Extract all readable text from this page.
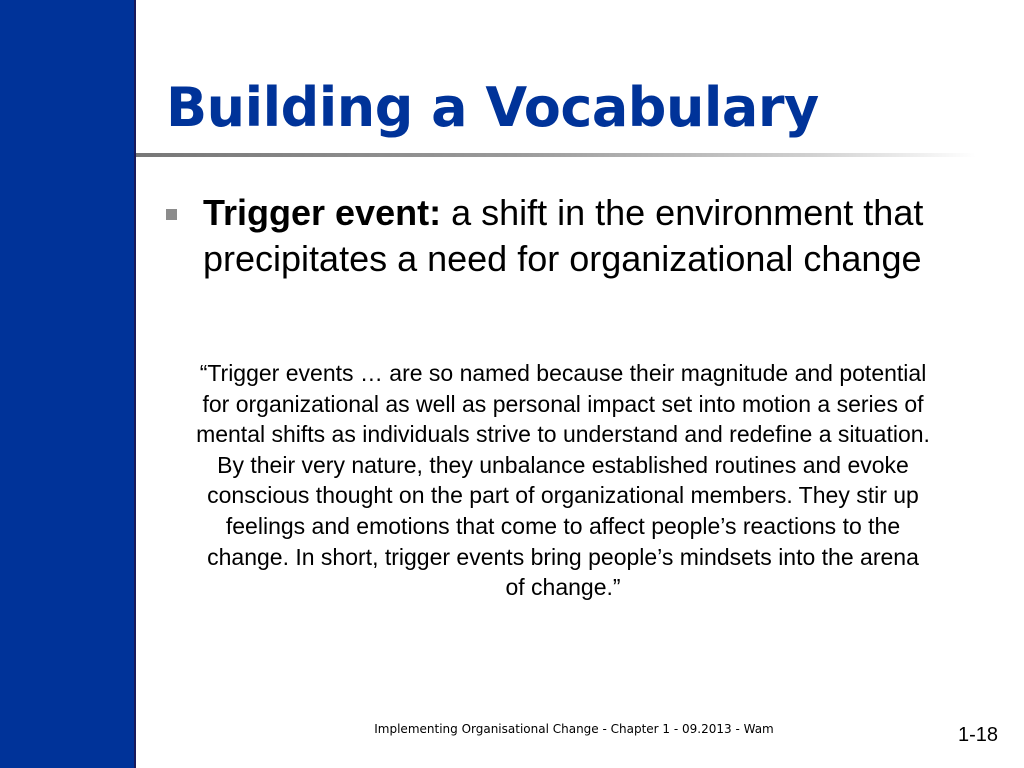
Building a Vocabulary

Trigger event: a shift in the environment that precipitates a need for organizational change

“Trigger events … are so named because their magnitude and potential for organizational as well as personal impact set into motion a series of mental shifts as individuals strive to understand and redefine a situation. By their very nature, they unbalance established routines and evoke conscious thought on the part of organizational members. They stir up feelings and emotions that come to affect people’s reactions to the change. In short, trigger events bring people’s mindsets into the arena of change.”

Implementing Organisational Change - Chapter 1 - 09.2013 - Wam	1-18
